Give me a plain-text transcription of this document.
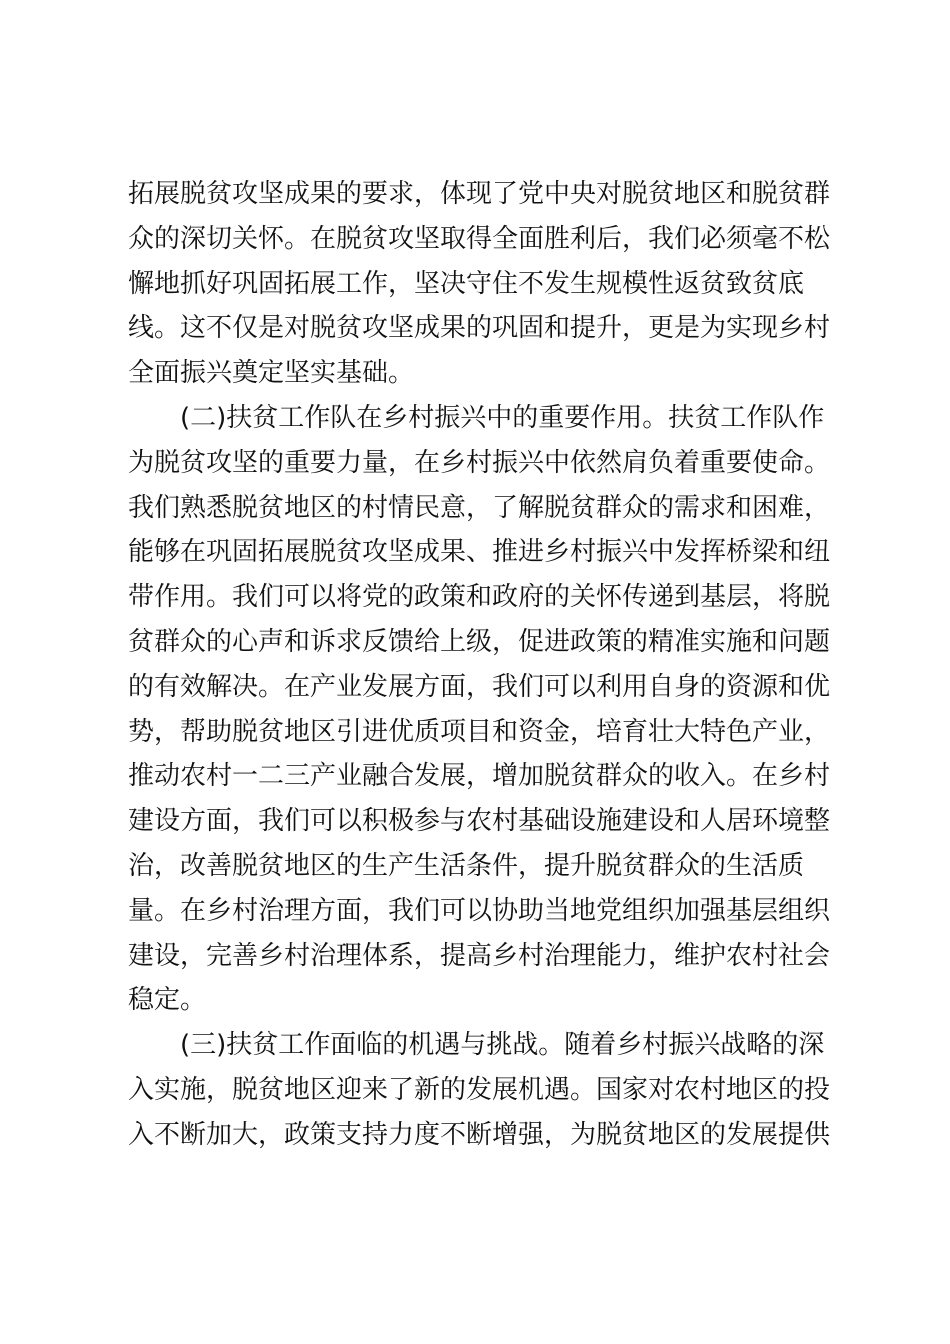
拓展脱贫攻坚成果的要求，体现了党中央对脱贫地区和脱贫群
众的深切关怀。在脱贫攻坚取得全面胜利后，我们必须毫不松
懈地抓好巩固拓展工作，坚决守住不发生规模性返贫致贫底
线。这不仅是对脱贫攻坚成果的巩固和提升，更是为实现乡村
全面振兴奠定坚实基础。
(二)扶贫工作队在乡村振兴中的重要作用。扶贫工作队作
为脱贫攻坚的重要力量，在乡村振兴中依然肩负着重要使命。
我们熟悉脱贫地区的村情民意，了解脱贫群众的需求和困难，
能够在巩固拓展脱贫攻坚成果、推进乡村振兴中发挥桥梁和纽
带作用。我们可以将党的政策和政府的关怀传递到基层，将脱
贫群众的心声和诉求反馈给上级，促进政策的精准实施和问题
的有效解决。在产业发展方面，我们可以利用自身的资源和优
势，帮助脱贫地区引进优质项目和资金，培育壮大特色产业，
推动农村一二三产业融合发展，增加脱贫群众的收入。在乡村
建设方面，我们可以积极参与农村基础设施建设和人居环境整
治，改善脱贫地区的生产生活条件，提升脱贫群众的生活质
量。在乡村治理方面，我们可以协助当地党组织加强基层组织
建设，完善乡村治理体系，提高乡村治理能力，维护农村社会
稳定。
(三)扶贫工作面临的机遇与挑战。随着乡村振兴战略的深
入实施，脱贫地区迎来了新的发展机遇。国家对农村地区的投
入不断加大，政策支持力度不断增强，为脱贫地区的发展提供
